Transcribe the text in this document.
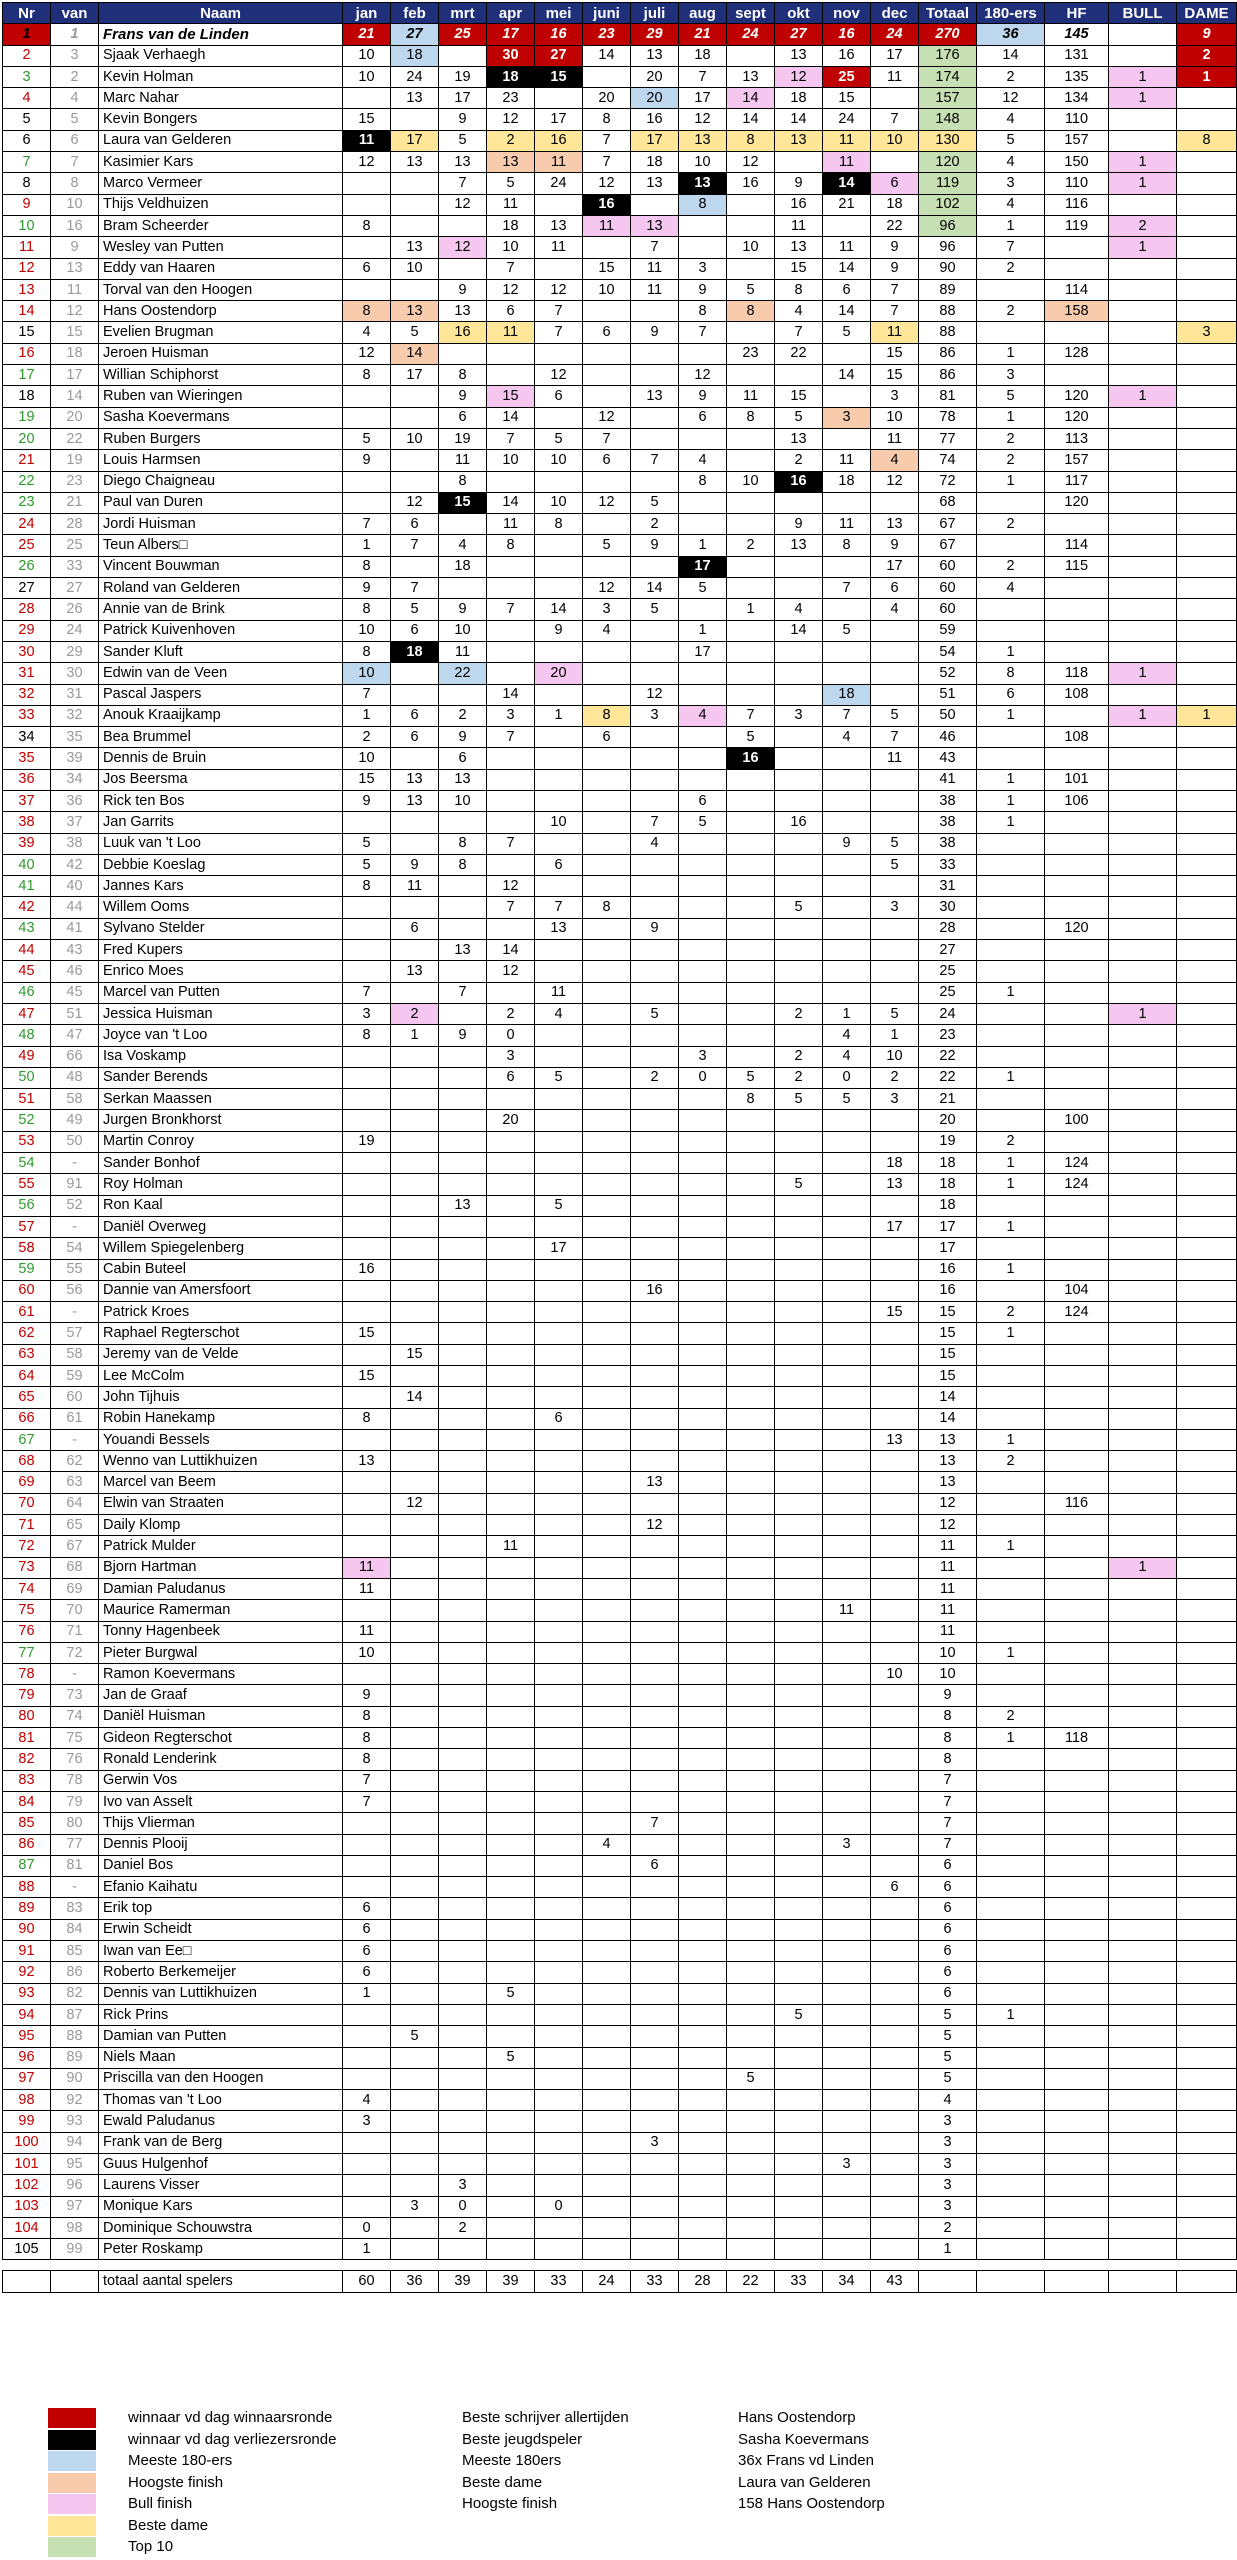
Nr	van	Naam	jan	feb	mrt	apr	mei	juni	juli	aug	sept	okt	nov	dec	Totaal	180-ers	HF	BULL	DAME
1	1	Frans van de Linden	21	27	25	17	16	23	29	21	24	27	16	24	270	36	145		9
2	3	Sjaak Verhaegh	10	18		30	27	14	13	18		13	16	17	176	14	131		2
3	2	Kevin Holman	10	24	19	18	15		20	7	13	12	25	11	174	2	135	1	1
4	4	Marc Nahar		13	17	23		20	20	17	14	18	15		157	12	134	1	
5	5	Kevin Bongers	15		9	12	17	8	16	12	14	14	24	7	148	4	110		
6	6	Laura van Gelderen	11	17	5	2	16	7	17	13	8	13	11	10	130	5	157		8
7	7	Kasimier Kars	12	13	13	13	11	7	18	10	12		11		120	4	150	1	
8	8	Marco Vermeer			7	5	24	12	13	13	16	9	14	6	119	3	110	1	
9	10	Thijs Veldhuizen			12	11		16		8		16	21	18	102	4	116		
10	16	Bram Scheerder	8			18	13	11	13			11		22	96	1	119	2	
11	9	Wesley van Putten		13	12	10	11		7		10	13	11	9	96	7		1	
12	13	Eddy van Haaren	6	10		7		15	11	3		15	14	9	90	2			
13	11	Torval van den Hoogen			9	12	12	10	11	9	5	8	6	7	89		114		
14	12	Hans Oostendorp	8	13	13	6	7			8	8	4	14	7	88	2	158		
15	15	Evelien Brugman	4	5	16	11	7	6	9	7		7	5	11	88				3
16	18	Jeroen Huisman	12	14							23	22		15	86	1	128		
17	17	Willian Schiphorst	8	17	8		12			12			14	15	86	3			
18	14	Ruben van Wieringen			9	15	6		13	9	11	15		3	81	5	120	1	
19	20	Sasha Koevermans			6	14		12		6	8	5	3	10	78	1	120		
20	22	Ruben Burgers	5	10	19	7	5	7				13		11	77	2	113		
21	19	Louis Harmsen	9		11	10	10	6	7	4		2	11	4	74	2	157		
22	23	Diego Chaigneau			8					8	10	16	18	12	72	1	117		
23	21	Paul van Duren		12	15	14	10	12	5						68		120		
24	28	Jordi Huisman	7	6		11	8		2			9	11	13	67	2			
25	25	Teun Albers□	1	7	4	8		5	9	1	2	13	8	9	67		114		
26	33	Vincent Bouwman	8		18					17				17	60	2	115		
27	27	Roland van Gelderen	9	7				12	14	5			7	6	60	4			
28	26	Annie van de Brink	8	5	9	7	14	3	5		1	4		4	60				
29	24	Patrick Kuivenhoven	10	6	10		9	4		1		14	5		59				
30	29	Sander Kluft	8	18	11					17					54	1			
31	30	Edwin van de Veen	10		22		20								52	8	118	1	
32	31	Pascal Jaspers	7			14			12				18		51	6	108		
33	32	Anouk Kraaijkamp	1	6	2	3	1	8	3	4	7	3	7	5	50	1		1	1
34	35	Bea Brummel	2	6	9	7		6			5		4	7	46		108		
35	39	Dennis de Bruin	10		6						16			11	43				
36	34	Jos Beersma	15	13	13										41	1	101		
37	36	Rick ten Bos	9	13	10					6					38	1	106		
38	37	Jan Garrits					10		7	5		16			38	1			
39	38	Luuk van 't Loo	5		8	7			4				9	5	38				
40	42	Debbie Koeslag	5	9	8		6							5	33				
41	40	Jannes Kars	8	11		12									31				
42	44	Willem Ooms				7	7	8				5		3	30				
43	41	Sylvano Stelder		6			13		9						28		120		
44	43	Fred Kupers			13	14									27				
45	46	Enrico Moes		13		12									25				
46	45	Marcel van Putten	7		7		11								25	1			
47	51	Jessica Huisman	3	2		2	4		5			2	1	5	24			1	
48	47	Joyce van 't Loo	8	1	9	0							4	1	23				
49	66	Isa Voskamp				3				3		2	4	10	22				
50	48	Sander Berends				6	5		2	0	5	2	0	2	22	1			
51	58	Serkan Maassen									8	5	5	3	21				
52	49	Jurgen Bronkhorst				20									20		100		
53	50	Martin Conroy	19												19	2			
54	-	Sander Bonhof												18	18	1	124		
55	91	Roy Holman										5		13	18	1	124		
56	52	Ron Kaal			13		5								18				
57	-	Daniël Overweg												17	17	1			
58	54	Willem Spiegelenberg					17								17				
59	55	Cabin Buteel	16												16	1			
60	56	Dannie van Amersfoort							16						16		104		
61	-	Patrick Kroes												15	15	2	124		
62	57	Raphael Regterschot	15												15	1			
63	58	Jeremy van de Velde		15											15				
64	59	Lee McColm	15												15				
65	60	John Tijhuis		14											14				
66	61	Robin Hanekamp	8				6								14				
67	-	Youandi Bessels												13	13	1			
68	62	Wenno van Luttikhuizen	13												13	2			
69	63	Marcel van Beem							13						13				
70	64	Elwin van Straaten		12											12		116		
71	65	Daily Klomp							12						12				
72	67	Patrick Mulder				11									11	1			
73	68	Bjorn Hartman	11												11			1	
74	69	Damian Paludanus	11												11				
75	70	Maurice Ramerman											11		11				
76	71	Tonny Hagenbeek	11												11				
77	72	Pieter Burgwal	10												10	1			
78	-	Ramon Koevermans												10	10				
79	73	Jan de Graaf	9												9				
80	74	Daniël Huisman	8												8	2			
81	75	Gideon Regtersch​ot	8												8	1	118		
82	76	Ronald Lenderink	8												8				
83	78	Gerwin Vos	7												7				
84	79	Ivo van Asselt	7												7				
85	80	Thijs Vlierman							7						7				
86	77	Dennis Plooij						4					3		7				
87	81	Daniel Bos							6						6				
88	-	Efanio Kaihatu												6	6				
89	83	Erik top	6												6				
90	84	Erwin Scheidt	6												6				
91	85	Iwan van Ee□	6												6				
92	86	Roberto Berkemeijer	6												6				
93	82	Dennis van Luttikhuizen	1			5									6				
94	87	Rick Prins										5			5	1			
95	88	Damian van Putten		5											5				
96	89	Niels Maan				5									5				
97	90	Priscilla van den Hoogen									5				5				
98	92	Thomas van 't Loo	4												4				
99	93	Ewald Paludanus	3												3				
100	94	Frank van de Berg							3						3				
101	95	Guus Hulgenhof											3		3				
102	96	Laurens Visser			3										3				
103	97	Monique Kars		3	0		0								3				
104	98	Dominique Schouwstra	0		2										2				
105	99	Peter Roskamp	1												1				

		totaal aantal spelers	60	36	39	39	33	24	33	28	22	33	34	43					
winnaar vd dag winnaarsronde
winnaar vd dag verliezersronde
Meeste 180-ers
Hoogste finish
Bull finish
Beste dame
Top 10
Beste schrijver allertijden	Hans Oostendorp
Beste jeugdspeler	Sasha Koevermans
Meeste 180ers	36x Frans vd Linden
Beste dame	Laura van Gelderen
Hoogste finish	158 Hans Oostendorp
